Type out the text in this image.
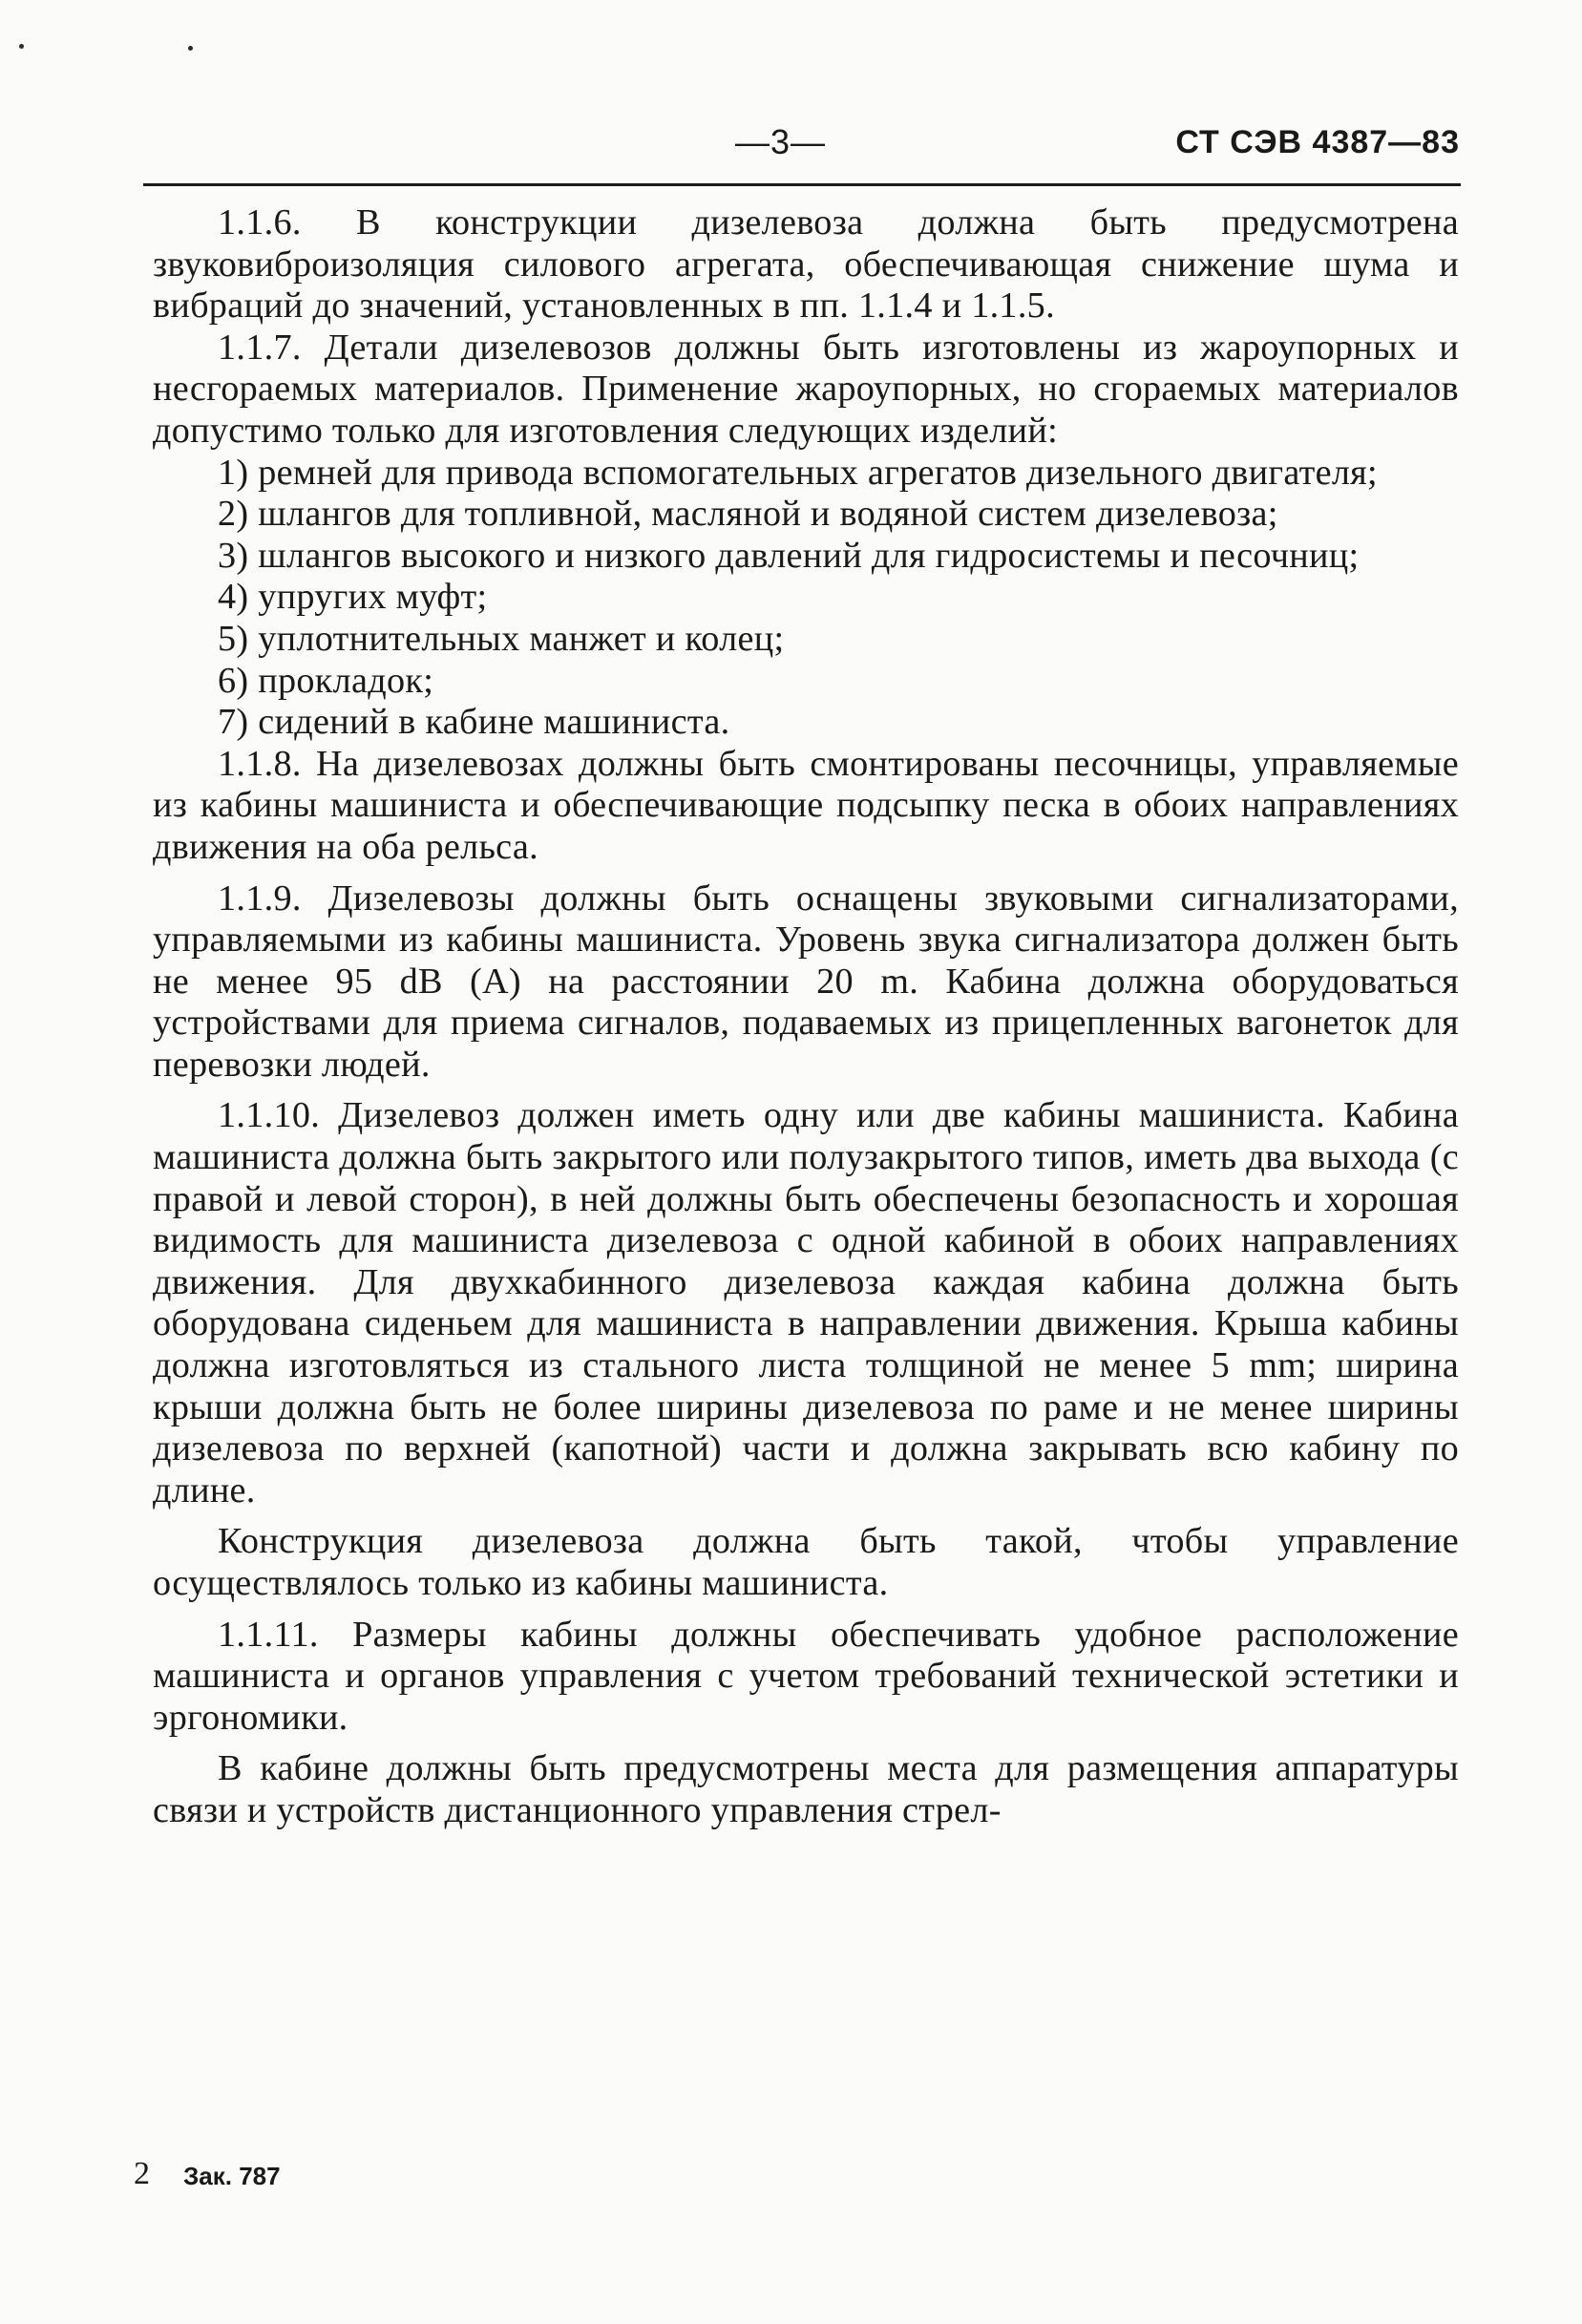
—3—	СТ СЭВ 4387—83

1.1.6. В конструкции дизелевоза должна быть предусмотрена звуковиброизоляция силового агрегата, обеспечивающая снижение шума и вибраций до значений, установленных в пп. 1.1.4 и 1.1.5.

1.1.7. Детали дизелевозов должны быть изготовлены из жароупорных и несгораемых материалов. Применение жароупорных, но сгораемых материалов допустимо только для изготовления следующих изделий:

1) ремней для привода вспомогательных агрегатов дизельного двигателя;

2) шлангов для топливной, масляной и водяной систем дизелевоза;

3) шлангов высокого и низкого давлений для гидросистемы и песочниц;

4) упругих муфт;

5) уплотнительных манжет и колец;

6) прокладок;

7) сидений в кабине машиниста.

1.1.8. На дизелевозах должны быть смонтированы песочницы, управляемые из кабины машиниста и обеспечивающие подсыпку песка в обоих направлениях движения на оба рельса.

1.1.9. Дизелевозы должны быть оснащены звуковыми сигнализаторами, управляемыми из кабины машиниста. Уровень звука сигнализатора должен быть не менее 95 dB (A) на расстоянии 20 m. Кабина должна оборудоваться устройствами для приема сигналов, подаваемых из прицепленных вагонеток для перевозки людей.

1.1.10. Дизелевоз должен иметь одну или две кабины машиниста. Кабина машиниста должна быть закрытого или полузакрытого типов, иметь два выхода (с правой и левой сторон), в ней должны быть обеспечены безопасность и хорошая видимость для машиниста дизелевоза с одной кабиной в обоих направлениях движения. Для двухкабинного дизелевоза каждая кабина должна быть оборудована сиденьем для машиниста в направлении движения. Крыша кабины должна изготовляться из стального листа толщиной не менее 5 mm; ширина крыши должна быть не более ширины дизелевоза по раме и не менее ширины дизелевоза по верхней (капотной) части и должна закрывать всю кабину по длине.

Конструкция дизелевоза должна быть такой, чтобы управление осуществлялось только из кабины машиниста.

1.1.11. Размеры кабины должны обеспечивать удобное расположение машиниста и органов управления с учетом требований технической эстетики и эргономики.

В кабине должны быть предусмотрены места для размещения аппаратуры связи и устройств дистанционного управления стрел-

2 Зак. 787
